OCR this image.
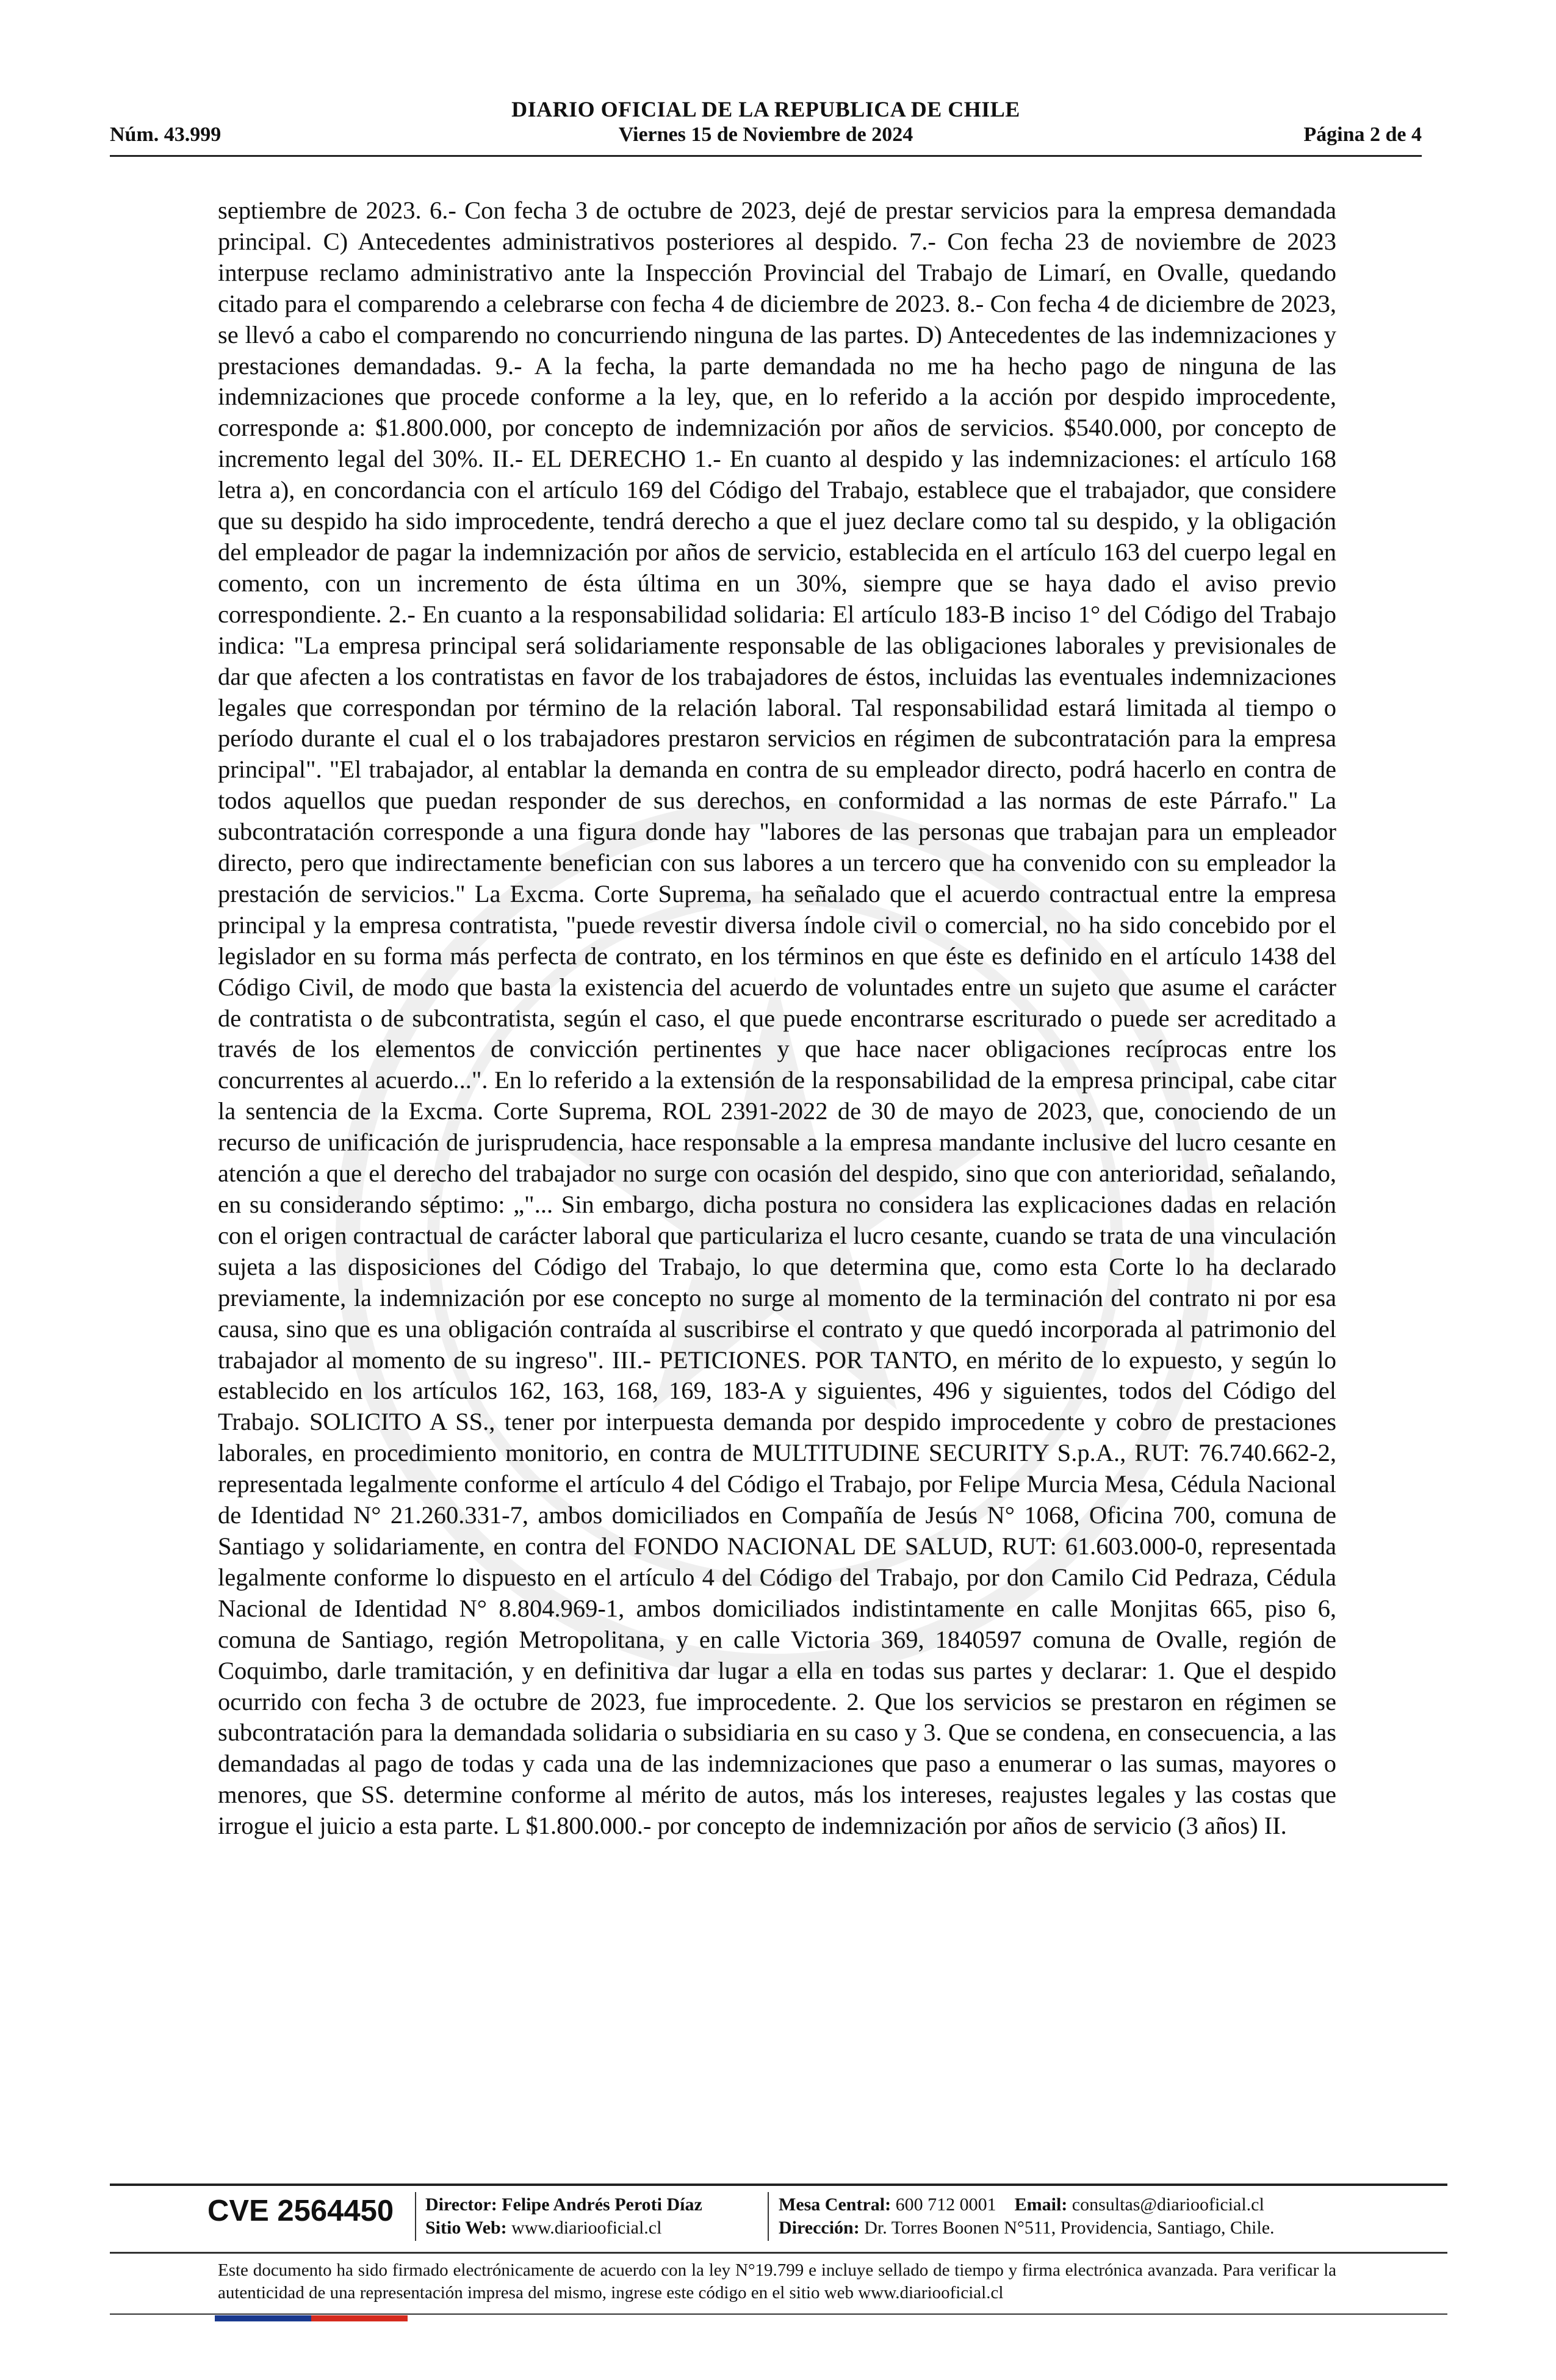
DIARIO OFICIAL DE LA REPUBLICA DE CHILE
Núm. 43.999	Viernes 15 de Noviembre de 2024	Página 2 de 4

septiembre de 2023. 6.- Con fecha 3 de octubre de 2023, dejé de prestar servicios para la empresa demandada principal. C) Antecedentes administrativos posteriores al despido. 7.- Con fecha 23 de noviembre de 2023 interpuse reclamo administrativo ante la Inspección Provincial del Trabajo de Limarí, en Ovalle, quedando citado para el comparendo a celebrarse con fecha 4 de diciembre de 2023. 8.- Con fecha 4 de diciembre de 2023, se llevó a cabo el comparendo no concurriendo ninguna de las partes. D) Antecedentes de las indemnizaciones y prestaciones demandadas. 9.- A la fecha, la parte demandada no me ha hecho pago de ninguna de las indemnizaciones que procede conforme a la ley, que, en lo referido a la acción por despido improcedente, corresponde a: $1.800.000, por concepto de indemnización por años de servicios. $540.000, por concepto de incremento legal del 30%. II.- EL DERECHO 1.- En cuanto al despido y las indemnizaciones: el artículo 168 letra a), en concordancia con el artículo 169 del Código del Trabajo, establece que el trabajador, que considere que su despido ha sido improcedente, tendrá derecho a que el juez declare como tal su despido, y la obligación del empleador de pagar la indemnización por años de servicio, establecida en el artículo 163 del cuerpo legal en comento, con un incremento de ésta última en un 30%, siempre que se haya dado el aviso previo correspondiente. 2.- En cuanto a la responsabilidad solidaria: El artículo 183-B inciso 1° del Código del Trabajo indica: "La empresa principal será solidariamente responsable de las obligaciones laborales y previsionales de dar que afecten a los contratistas en favor de los trabajadores de éstos, incluidas las eventuales indemnizaciones legales que correspondan por término de la relación laboral. Tal responsabilidad estará limitada al tiempo o período durante el cual el o los trabajadores prestaron servicios en régimen de subcontratación para la empresa principal". "El trabajador, al entablar la demanda en contra de su empleador directo, podrá hacerlo en contra de todos aquellos que puedan responder de sus derechos, en conformidad a las normas de este Párrafo." La subcontratación corresponde a una figura donde hay "labores de las personas que trabajan para un empleador directo, pero que indirectamente benefician con sus labores a un tercero que ha convenido con su empleador la prestación de servicios." La Excma. Corte Suprema, ha señalado que el acuerdo contractual entre la empresa principal y la empresa contratista, "puede revestir diversa índole civil o comercial, no ha sido concebido por el legislador en su forma más perfecta de contrato, en los términos en que éste es definido en el artículo 1438 del Código Civil, de modo que basta la existencia del acuerdo de voluntades entre un sujeto que asume el carácter de contratista o de subcontratista, según el caso, el que puede encontrarse escriturado o puede ser acreditado a través de los elementos de convicción pertinentes y que hace nacer obligaciones recíprocas entre los concurrentes al acuerdo...". En lo referido a la extensión de la responsabilidad de la empresa principal, cabe citar la sentencia de la Excma. Corte Suprema, ROL 2391-2022 de 30 de mayo de 2023, que, conociendo de un recurso de unificación de jurisprudencia, hace responsable a la empresa mandante inclusive del lucro cesante en atención a que el derecho del trabajador no surge con ocasión del despido, sino que con anterioridad, señalando, en su considerando séptimo: „"... Sin embargo, dicha postura no considera las explicaciones dadas en relación con el origen contractual de carácter laboral que particulariza el lucro cesante, cuando se trata de una vinculación sujeta a las disposiciones del Código del Trabajo, lo que determina que, como esta Corte lo ha declarado previamente, la indemnización por ese concepto no surge al momento de la terminación del contrato ni por esa causa, sino que es una obligación contraída al suscribirse el contrato y que quedó incorporada al patrimonio del trabajador al momento de su ingreso". III.- PETICIONES. POR TANTO, en mérito de lo expuesto, y según lo establecido en los artículos 162, 163, 168, 169, 183-A y siguientes, 496 y siguientes, todos del Código del Trabajo. SOLICITO A SS., tener por interpuesta demanda por despido improcedente y cobro de prestaciones laborales, en procedimiento monitorio, en contra de MULTITUDINE SECURITY S.p.A., RUT: 76.740.662-2, representada legalmente conforme el artículo 4 del Código el Trabajo, por Felipe Murcia Mesa, Cédula Nacional de Identidad N° 21.260.331-7, ambos domiciliados en Compañía de Jesús N° 1068, Oficina 700, comuna de Santiago y solidariamente, en contra del FONDO NACIONAL DE SALUD, RUT: 61.603.000-0, representada legalmente conforme lo dispuesto en el artículo 4 del Código del Trabajo, por don Camilo Cid Pedraza, Cédula Nacional de Identidad N° 8.804.969-1, ambos domiciliados indistintamente en calle Monjitas 665, piso 6, comuna de Santiago, región Metropolitana, y en calle Victoria 369, 1840597 comuna de Ovalle, región de Coquimbo, darle tramitación, y en definitiva dar lugar a ella en todas sus partes y declarar: 1. Que el despido ocurrido con fecha 3 de octubre de 2023, fue improcedente. 2. Que los servicios se prestaron en régimen se subcontratación para la demandada solidaria o subsidiaria en su caso y 3. Que se condena, en consecuencia, a las demandadas al pago de todas y cada una de las indemnizaciones que paso a enumerar o las sumas, mayores o menores, que SS. determine conforme al mérito de autos, más los intereses, reajustes legales y las costas que irrogue el juicio a esta parte. L $1.800.000.- por concepto de indemnización por años de servicio (3 años) II.

CVE 2564450 Director: Felipe Andrés Peroti Díaz
Sitio Web: www.diariooficial.cl
Mesa Central: 600 712 0001 Email: consultas@diariooficial.cl
Dirección: Dr. Torres Boonen N°511, Providencia, Santiago, Chile.
Este documento ha sido firmado electrónicamente de acuerdo con la ley N°19.799 e incluye sellado de tiempo y firma electrónica avanzada. Para verificar la autenticidad de una representación impresa del mismo, ingrese este código en el sitio web www.diariooficial.cl
